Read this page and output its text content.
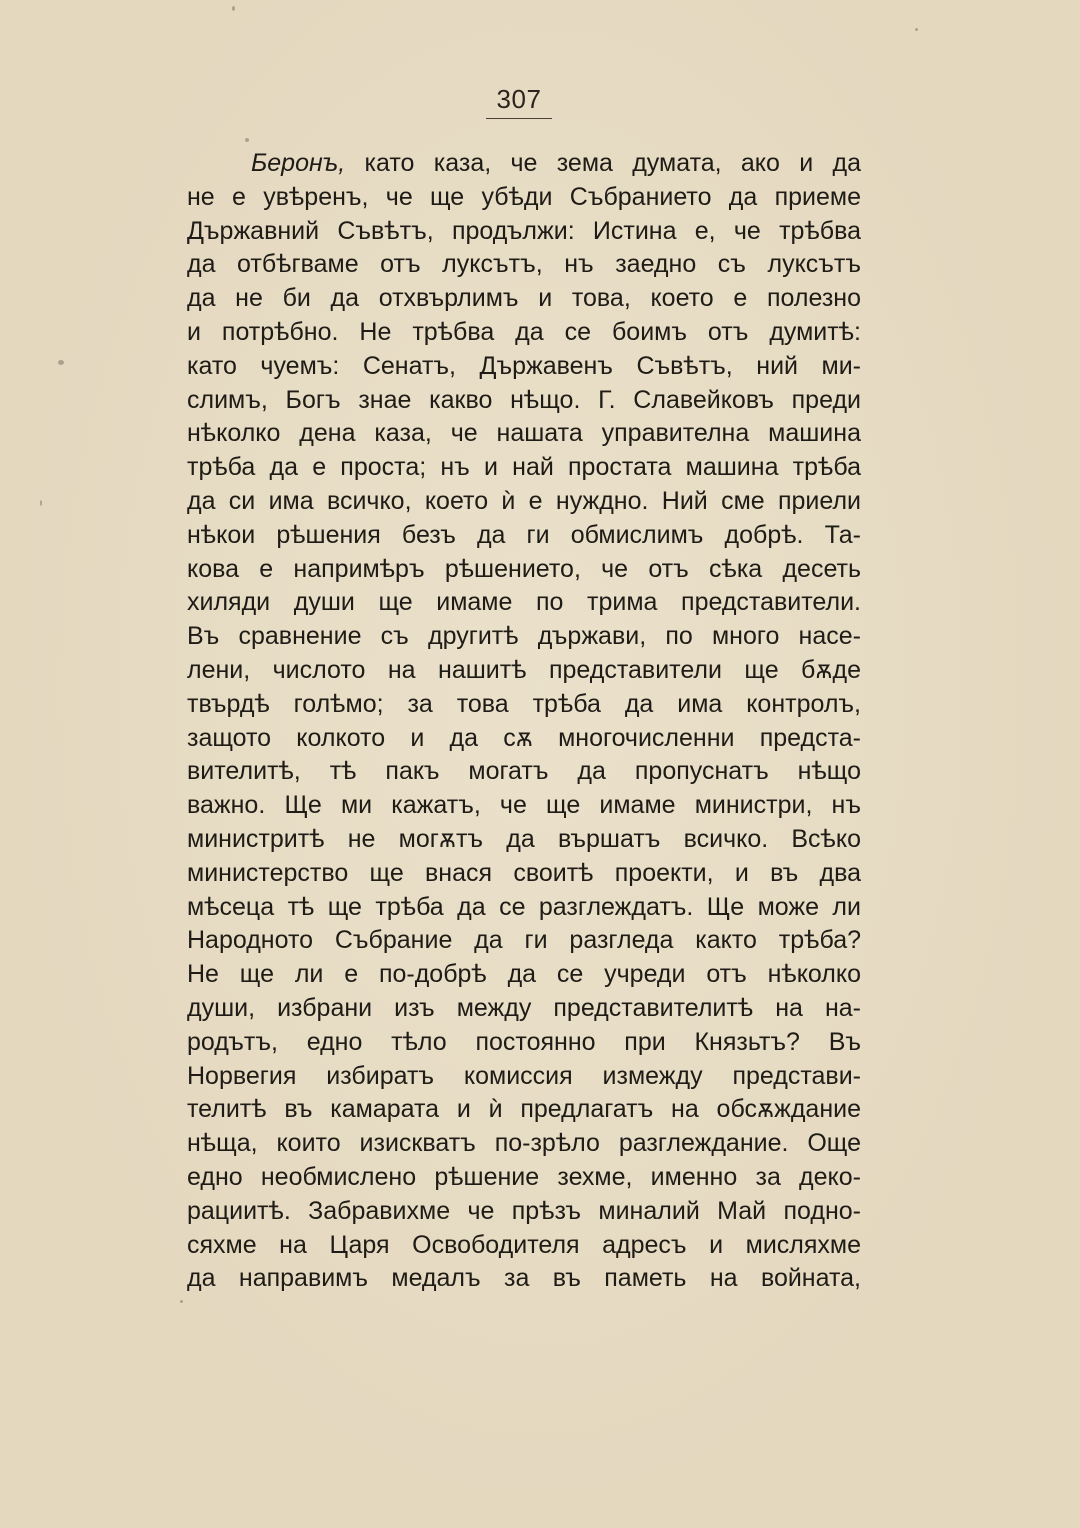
307
Беронъ, като каза, че зема думата, ако и да
не е увѣренъ, че ще убѣди Събранието да приеме
Държавний Съвѣтъ, продължи: Истина е, че трѣбва
да отбѣгваме отъ луксътъ, нъ заедно съ луксътъ
да не би да отхвърлимъ и това, което е полезно
и потрѣбно. Не трѣбва да се боимъ отъ думитѣ:
като чуемъ: Сенатъ, Държавенъ Съвѣтъ, ний ми-
слимъ, Богъ знае какво нѣщо. Г. Славейковъ преди
нѣколко дена каза, че нашата управителна машина
трѣба да е проста; нъ и най простата машина трѣба
да си има всичко, което ѝ е нуждно. Ний сме приели
нѣкои рѣшения безъ да ги обмислимъ добрѣ. Та-
кова е напримѣръ рѣшението, че отъ сѣка десеть
хиляди души ще имаме по трима представители.
Въ сравнение съ другитѣ държави, по много насе-
лени, числото на нашитѣ представители ще бѫде
твърдѣ голѣмо; за това трѣба да има контролъ,
защото колкото и да сѫ многочисленни предста-
вителитѣ, тѣ пакъ могатъ да пропуснатъ нѣщо
важно. Ще ми кажатъ, че ще имаме министри, нъ
министритѣ не могѫтъ да вършатъ всичко. Всѣко
министерство ще внася своитѣ проекти, и въ два
мѣсеца тѣ ще трѣба да се разглеждатъ. Ще може ли
Народното Събрание да ги разгледа както трѣба?
Не ще ли е по-добрѣ да се учреди отъ нѣколко
души, избрани изъ между представителитѣ на на-
родътъ, едно тѣло постоянно при Князьтъ? Въ
Норвегия избиратъ комиссия измежду представи-
телитѣ въ камарата и ѝ предлагатъ на обсѫждание
нѣща, които изискватъ по-зрѣло разглеждание. Още
едно необмислено рѣшение зехме, именно за деко-
рациитѣ. Забравихме че прѣзъ миналий Май подно-
сяхме на Царя Освободителя адресъ и мисляхме
да направимъ медалъ за въ паметь на войната,
